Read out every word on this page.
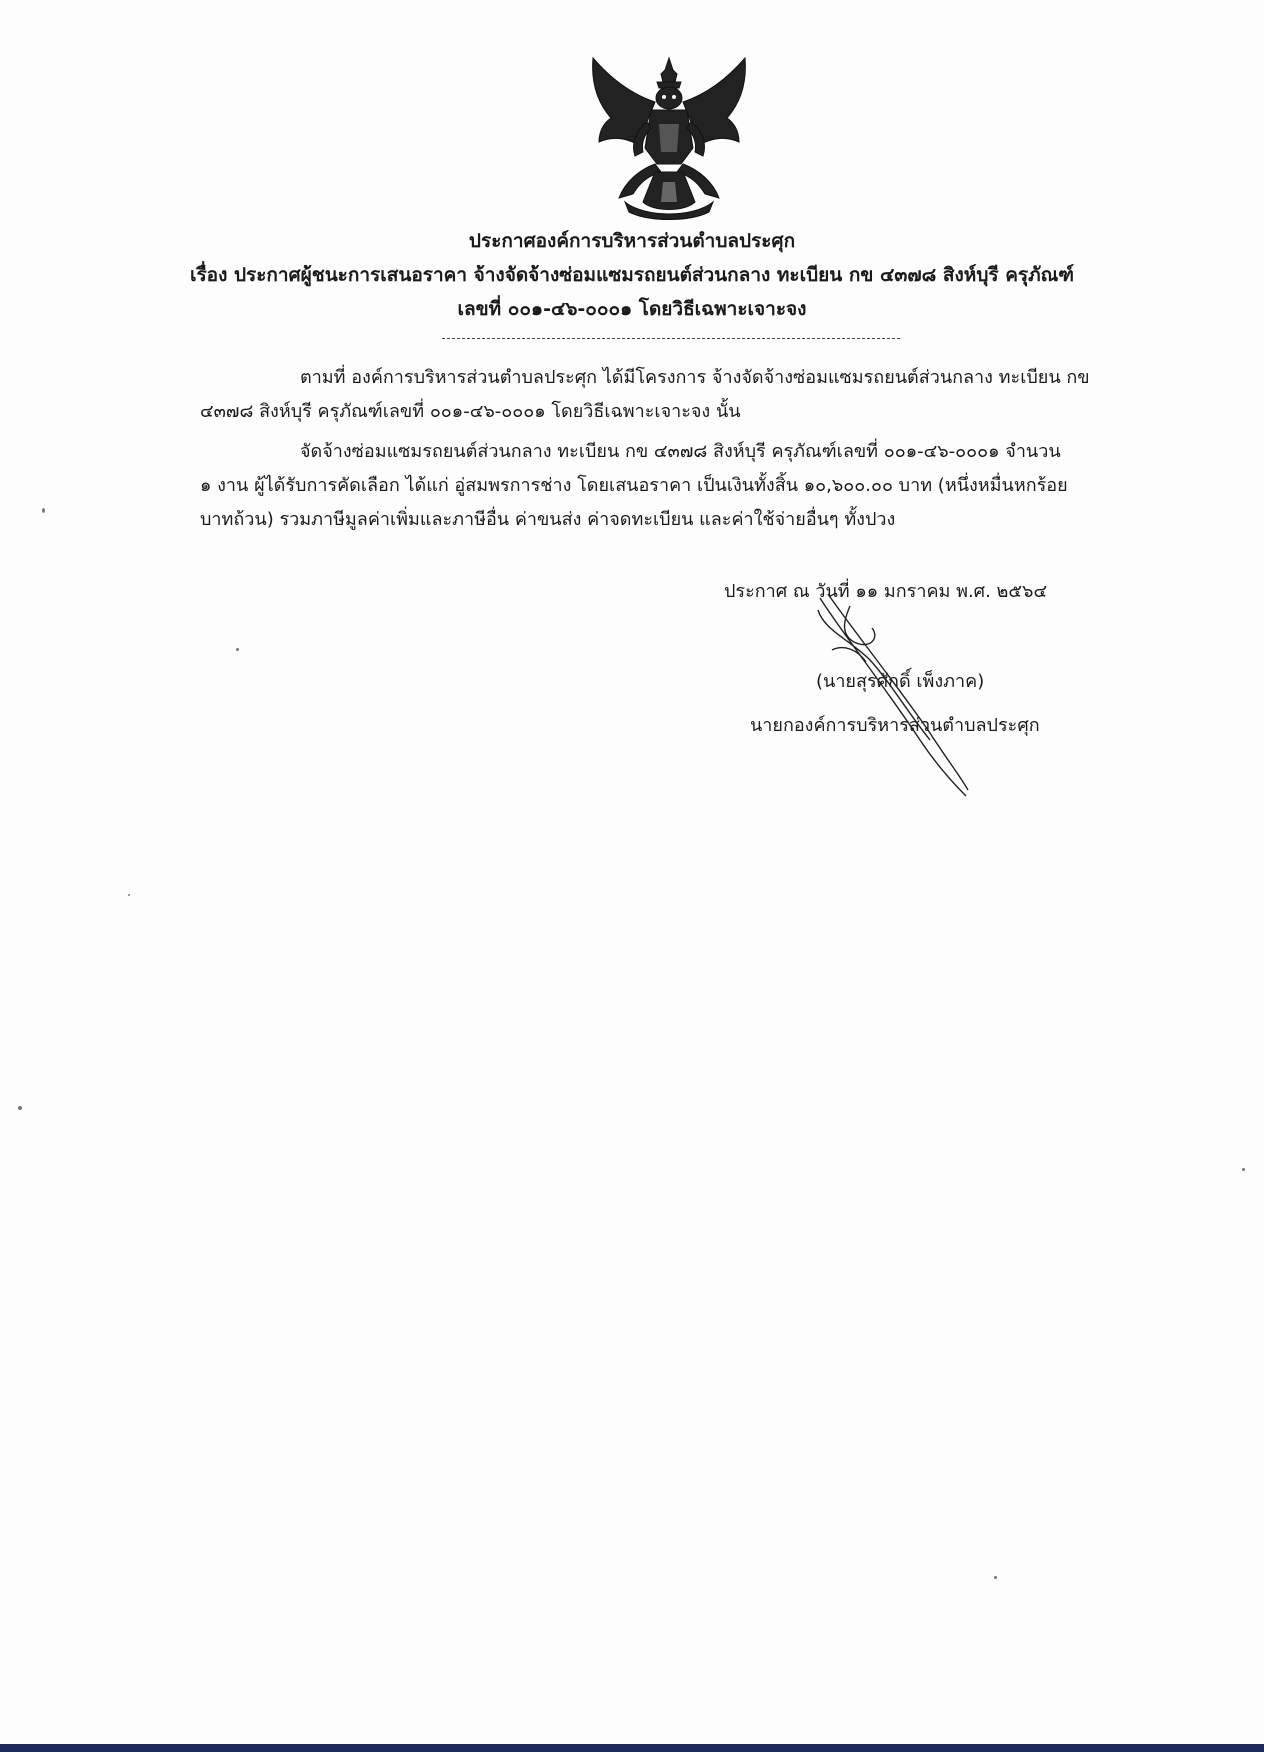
ประกาศองค์การบริหารส่วนตำบลประศุก
เรื่อง ประกาศผู้ชนะการเสนอราคา จ้างจัดจ้างซ่อมแซมรถยนต์ส่วนกลาง ทะเบียน กข ๔๓๗๘ สิงห์บุรี ครุภัณฑ์
เลขที่ ๐๐๑-๔๖-๐๐๐๑ โดยวิธีเฉพาะเจาะจง
ตามที่ องค์การบริหารส่วนตำบลประศุก ได้มีโครงการ จ้างจัดจ้างซ่อมแซมรถยนต์ส่วนกลาง ทะเบียน กข
๔๓๗๘ สิงห์บุรี ครุภัณฑ์เลขที่ ๐๐๑-๔๖-๐๐๐๑ โดยวิธีเฉพาะเจาะจง นั้น
จัดจ้างซ่อมแซมรถยนต์ส่วนกลาง ทะเบียน กข ๔๓๗๘ สิงห์บุรี ครุภัณฑ์เลขที่ ๐๐๑-๔๖-๐๐๐๑ จำนวน
๑ งาน ผู้ได้รับการคัดเลือก ได้แก่ อู่สมพรการช่าง โดยเสนอราคา เป็นเงินทั้งสิ้น ๑๐,๖๐๐.๐๐ บาท (หนึ่งหมื่นหกร้อย
บาทถ้วน) รวมภาษีมูลค่าเพิ่มและภาษีอื่น ค่าขนส่ง ค่าจดทะเบียน และค่าใช้จ่ายอื่นๆ ทั้งปวง
ประกาศ ณ วันที่ ๑๑ มกราคม พ.ศ. ๒๕๖๔
(นายสุรศักดิ์ เพ็งภาค)
นายกองค์การบริหารส่วนตำบลประศุก
